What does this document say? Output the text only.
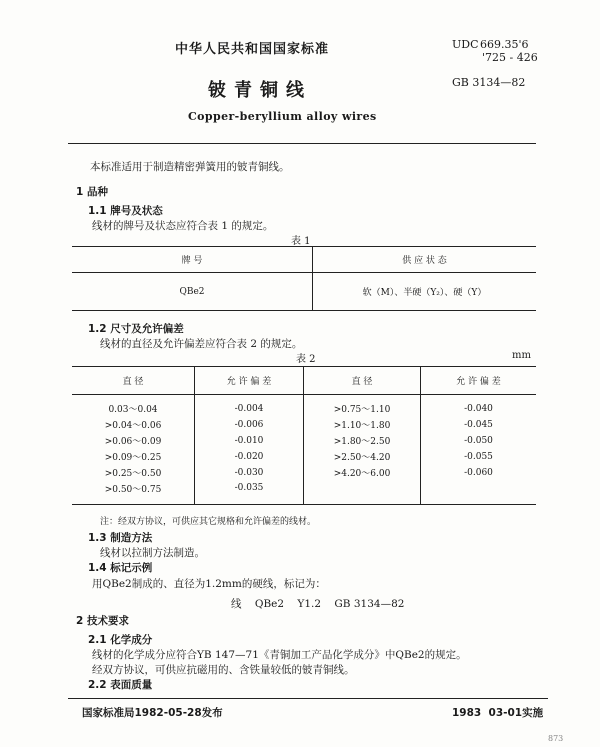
中华人民共和国国家标准	UDC 669.35'6
'725 - 426
GB 3134—82
铍青铜线
Copper-beryllium alloy wires
本标准适用于制造精密弹簧用的铍青铜线。
1 品种
1.1 牌号及状态
线材的牌号及状态应符合表 1 的规定。
表 1
牌 号	供 应 状 态
QBe2	软（M）、半硬（Y₂）、硬（Y）
1.2 尺寸及允许偏差
线材的直径及允许偏差应符合表 2 的规定。
表 2	mm
直 径	允 许 偏 差	直 径	允 许 偏 差
0.03～0.04	-0.004	>0.75～1.10	-0.040
>0.04～0.06	-0.006	>1.10～1.80	-0.045
>0.06～0.09	-0.010	>1.80～2.50	-0.050
>0.09～0.25	-0.020	>2.50～4.20	-0.055
>0.25～0.50	-0.030	>4.20～6.00	-0.060
>0.50～0.75	-0.035		
注：经双方协议，可供应其它规格和允许偏差的线材。
1.3 制造方法
线材以拉制方法制造。
1.4 标记示例
用QBe2制成的、直径为1.2mm的硬线，标记为：
线    QBe2    Y1.2    GB 3134—82
2 技术要求
2.1 化学成分
线材的化学成分应符合YB 147—71《青铜加工产品化学成分》中QBe2的规定。
经双方协议，可供应抗磁用的、含铁量较低的铍青铜线。
2.2 表面质量
国家标准局1982-05-28发布	1983  03-01实施
873
